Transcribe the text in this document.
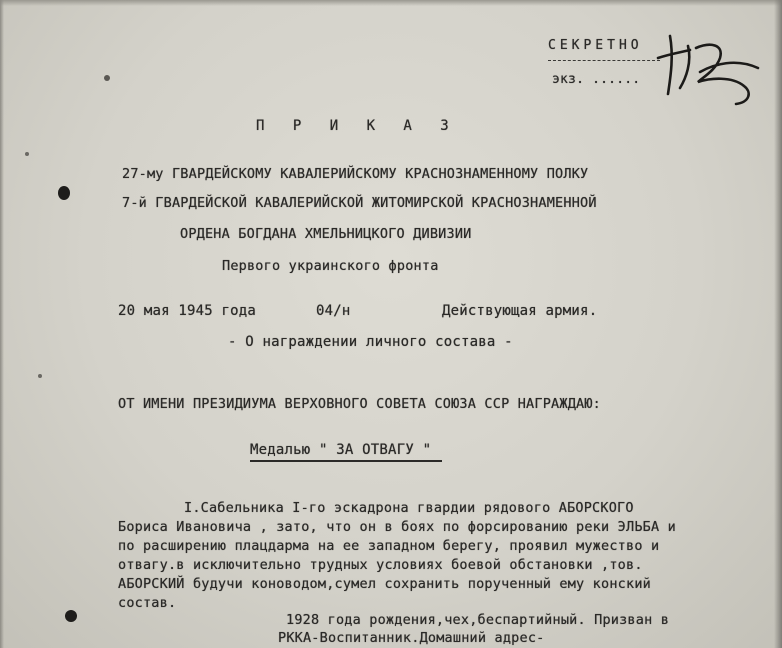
СЕКРЕТНО
экз. ......
П Р И К А З
27-му ГВАРДЕЙСКОМУ КАВАЛЕРИЙСКОМУ КРАСНОЗНАМЕННОМУ ПОЛКУ
7-й ГВАРДЕЙСКОЙ КАВАЛЕРИЙСКОЙ ЖИТОМИРСКОЙ КРАСНОЗНАМЕННОЙ
ОРДЕНА БОГДАНА ХМЕЛЬНИЦКОГО ДИВИЗИИ
Первого украинского фронта
20 мая 1945 года	04/н	Действующая армия.
- О награждении личного состава -
ОТ ИМЕНИ ПРЕЗИДИУМА ВЕРХОВНОГО СОВЕТА СОЮЗА ССР НАГРАЖДАЮ:
Медалью " ЗА ОТВАГУ "
I.Сабельника I-го эскадрона гвардии рядового АБОРСКОГО
Бориса Ивановича , зато, что он в боях по форсированию реки ЭЛЬБА и
по расширению плацдарма на ее западном берегу, проявил мужество и
отвагу.в исключительно трудных условиях боевой обстановки ,тов.
АБОРСКИЙ будучи коноводом,сумел сохранить порученный ему конский
состав.
1928 года рождения,чех,беспартийный. Призван в
РККА-Воспитанник.Домашний адрес-
